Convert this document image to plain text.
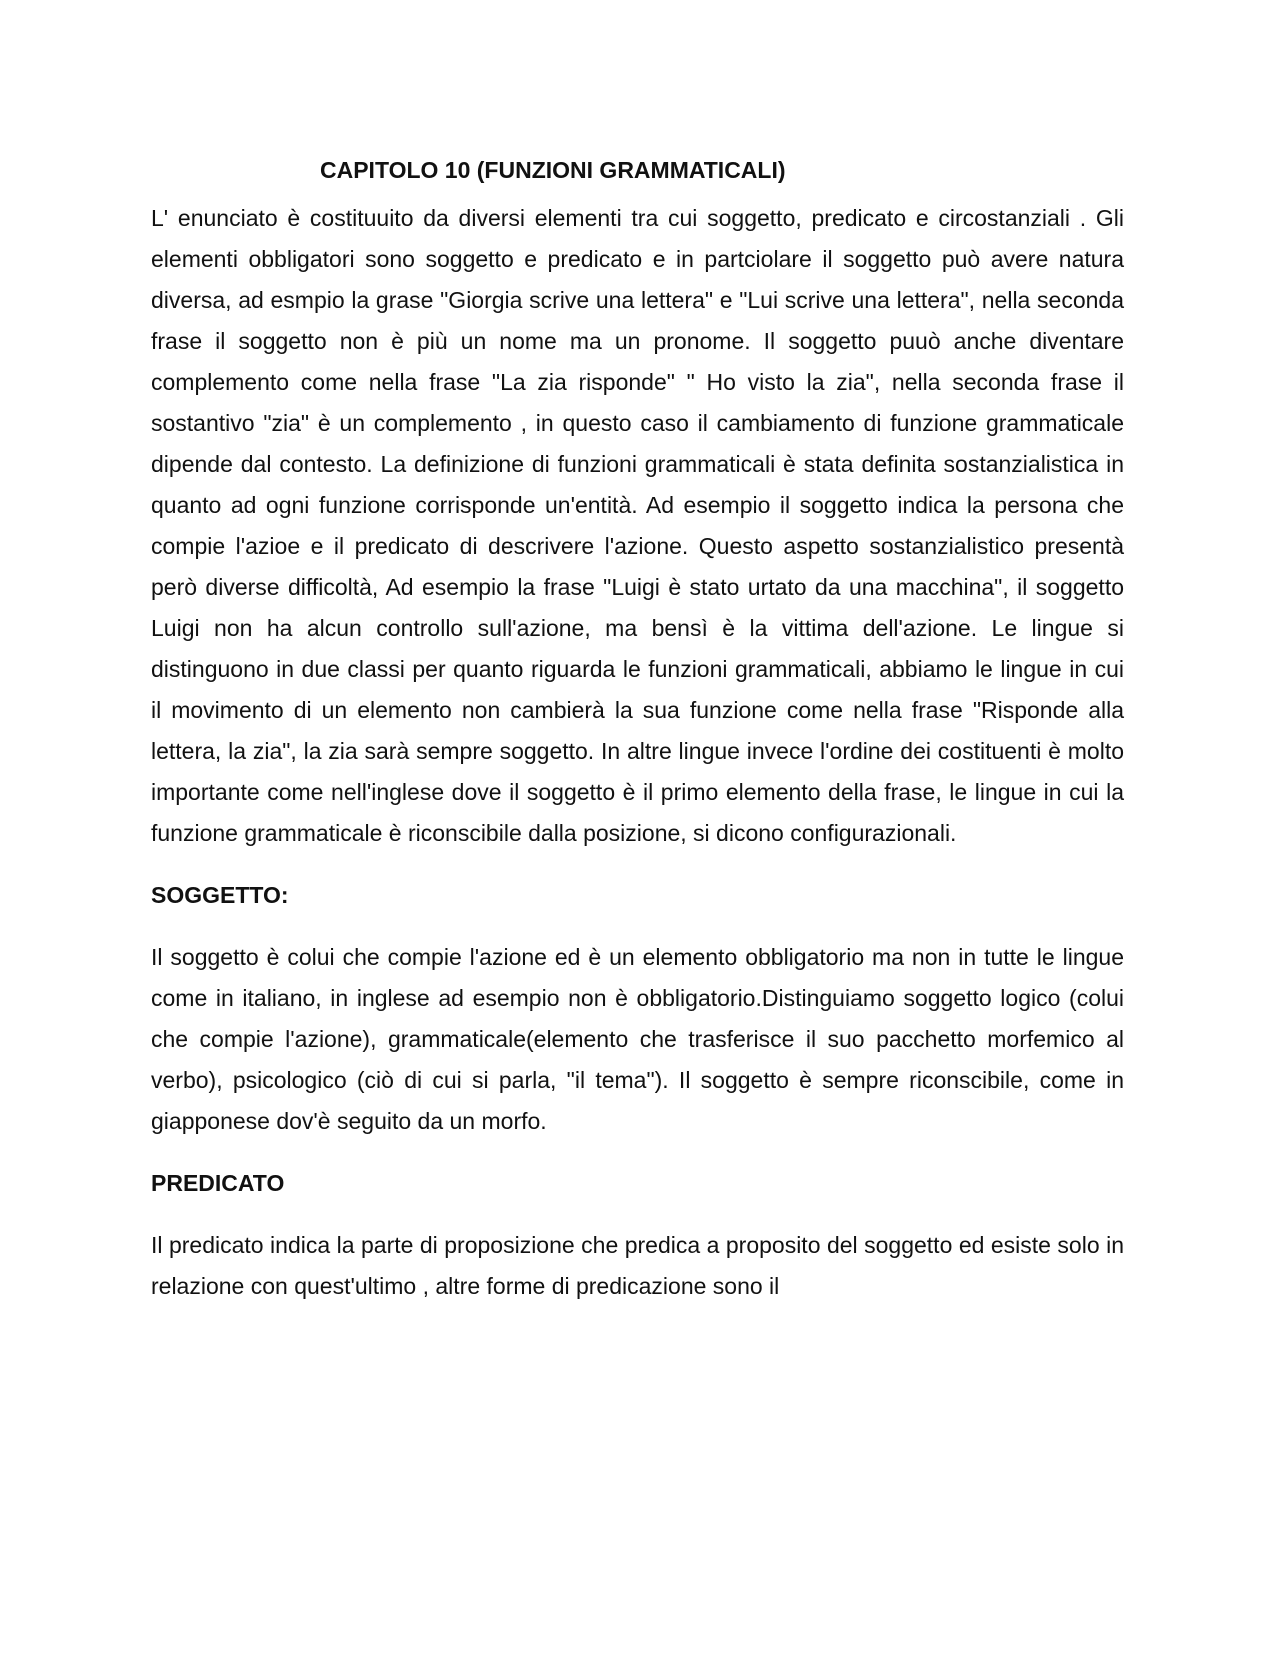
CAPITOLO 10 (FUNZIONI GRAMMATICALI)

L' enunciato è costituuito da diversi elementi tra cui soggetto, predicato e circostanziali . Gli elementi obbligatori sono soggetto e predicato e in partciolare il soggetto può avere natura diversa, ad esmpio la grase "Giorgia scrive una lettera" e "Lui scrive una lettera", nella seconda frase il soggetto non è più un nome ma un pronome. Il soggetto puuò anche diventare complemento come nella frase "La zia risponde" " Ho visto la zia", nella seconda frase il sostantivo "zia" è un complemento , in questo caso il cambiamento di funzione grammaticale dipende dal contesto. La definizione di funzioni grammaticali è stata definita sostanzialistica in quanto ad ogni funzione corrisponde un'entità. Ad esempio il soggetto indica la persona che compie l'azioe e il predicato di descrivere l'azione. Questo aspetto sostanzialistico presentà però diverse difficoltà, Ad esempio la frase "Luigi è stato urtato da una macchina", il soggetto Luigi non ha alcun controllo sull'azione, ma bensì è la vittima dell'azione. Le lingue si distinguono in due classi per quanto riguarda le funzioni grammaticali, abbiamo le lingue in cui il movimento di un elemento non cambierà la sua funzione come nella frase "Risponde alla lettera, la zia", la zia sarà sempre soggetto. In altre lingue invece l'ordine dei costituenti è molto importante come nell'inglese dove il soggetto è il primo elemento della frase, le lingue in cui la funzione grammaticale è riconscibile dalla posizione, si dicono configurazionali.

SOGGETTO:

Il soggetto è colui che compie l'azione ed è un elemento obbligatorio ma non in tutte le lingue come in italiano, in inglese ad esempio non è obbligatorio.Distinguiamo soggetto logico (colui che compie l'azione), grammaticale(elemento che trasferisce il suo pacchetto morfemico al verbo), psicologico (ciò di cui si parla, "il tema"). Il soggetto è sempre riconscibile, come in giapponese dov'è seguito da un morfo.

PREDICATO

Il predicato indica la parte di proposizione che predica a proposito del soggetto ed esiste solo in relazione con quest'ultimo , altre forme di predicazione sono il
